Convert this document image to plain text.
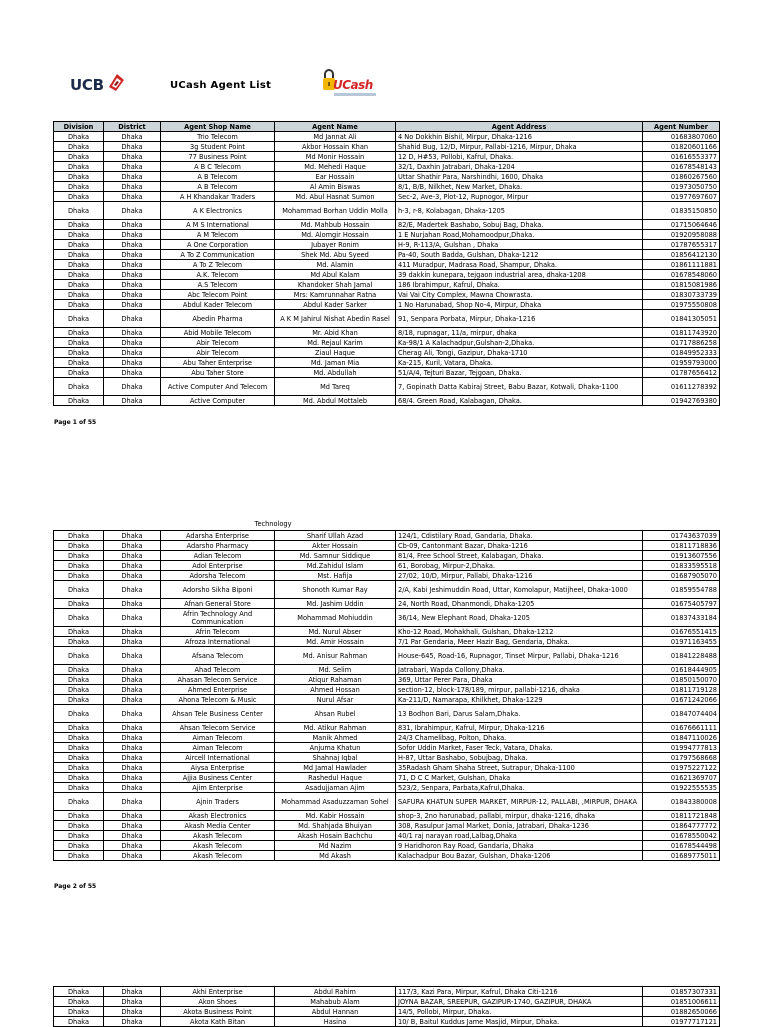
UCB	UCash Agent List	UCash
Division	District	Agent Shop Name	Agent Name	Agent Address	Agent Number
Dhaka	Dhaka	Trio Telecom	Md Jannat Ali	4 No Dokkhin Bishil, Mirpur, Dhaka-1216	01683807060
Dhaka	Dhaka	3g Student Point	Akbor Hossain Khan	Shahid Bug, 12/D, Mirpur, Pallabi-1216, Mirpur, Dhaka	01820601166
Dhaka	Dhaka	77 Business Point	Md Monir Hossain	12 D, H#53, Pollobi, Kafrul, Dhaka.	01616553377
Dhaka	Dhaka	A B C Telecom	Md. Mehedi Haque	32/1, Daxhin Jatrabari, Dhaka-1204	01678548143
Dhaka	Dhaka	A B Telecom	Ear Hossain	Uttar Shathir Para, Narshindhi, 1600, Dhaka	01860267560
Dhaka	Dhaka	A B Telecom	Al Amin Biswas	8/1, B/B, Nilkhet, New Market, Dhaka.	01973050750
Dhaka	Dhaka	A H Khandakar Traders	Md. Abul Hasnat Sumon	Sec-2, Ave-3, Plot-12, Rupnogor, Mirpur	01977697607
Dhaka	Dhaka	A K Electronics	Mohammad Borhan Uddin Molla	h-3, r-8, Kolabagan, Dhaka-1205	01835150850
Dhaka	Dhaka	A M S International	Md. Mahbub Hossain	82/E, Madertek Bashabo, Sobuj Bag, Dhaka.	01715064646
Dhaka	Dhaka	A M Telecom	Md. Alomgir Hossain	1 E Nurjahan Road,Mohamoodpur,Dhaka.	01920958088
Dhaka	Dhaka	A One Corporation	Jubayer Ronim	H-9, R-113/A, Gulshan , Dhaka	01787655317
Dhaka	Dhaka	A To Z Communication	Shek Md. Abu Syeed	Pa-40, South Badda, Gulshan, Dhaka-1212	01856412130
Dhaka	Dhaka	A To Z Telecom	Md. Alamin	411 Muradpur, Madrasa Road, Shampur, Dhaka.	01861111881
Dhaka	Dhaka	A.K. Telecom	Md Abul Kalam	39 dakkin kunepara, tejgaon industrial area, dhaka-1208	01678548060
Dhaka	Dhaka	A.S Telecom	Khandoker Shah Jamal	186 Ibrahimpur, Kafrul, Dhaka.	01815081986
Dhaka	Dhaka	Abc Telecom Point	Mrs: Kamrunnahar Ratna	Vai Vai City Complex, Mawna Chowrasta.	01830733739
Dhaka	Dhaka	Abdul Kader Telecom	Abdul Kader Sarker	1 No Harunabad, Shop No-4, Mirpur, Dhaka	01975550808
Dhaka	Dhaka	Abedin Pharma	A K M Jahirul Nishat Abedin Rasel	91, Senpara Porbata, Mirpur, Dhaka-1216	01841305051
Dhaka	Dhaka	Abid Mobile Telecom	Mr. Abid Khan	8/18, rupnagar, 11/a, mirpur, dhaka	01811743920
Dhaka	Dhaka	Abir Telecom	Md. Rejaul Karim	Ka-98/1 A Kalachadpur,Gulshan-2,Dhaka.	01717886258
Dhaka	Dhaka	Abir Telecom	Ziaul Haque	Cherag Ali, Tongi, Gazipur, Dhaka-1710	01849952333
Dhaka	Dhaka	Abu Taher Enterprise	Md. Jaman Mia	Ka-215, Kuril, Vatara, Dhaka.	01959793000
Dhaka	Dhaka	Abu Taher Store	Md. Abdullah	51/A/4, Tejturi Bazar, Tejgoan, Dhaka.	01787656412
Dhaka	Dhaka	Active Computer And Telecom	Md Tareq	7, Gopinath Datta Kabiraj Street, Babu Bazar, Kotwali, Dhaka-1100	01611278392
Dhaka	Dhaka	Active Computer	Md. Abdul Mottaleb	68/4. Green Road, Kalabagan, Dhaka.	01942769380
Page 1 of 55
Technology
Dhaka	Dhaka	Adarsha Enterprise	Sharif Ullah Azad	124/1, Cdistilary Road, Gandaria, Dhaka.	01743637039
Dhaka	Dhaka	Adarsho Pharmacy	Akter Hossain	Cb-09, Cantonmant Bazar, Dhaka-1216	01811718836
Dhaka	Dhaka	Adian Telecom	Md. Samnur Siddique	81/4, Free School Street, Kalabagan, Dhaka.	01913607556
Dhaka	Dhaka	Adol Enterprise	Md.Zahidul Islam	61, Borobag, Mirpur-2,Dhaka.	01833595518
Dhaka	Dhaka	Adorsha Telecom	Mst. Hafija	27/02, 10/D, Mirpur, Pallabi, Dhaka-1216	01687905070
Dhaka	Dhaka	Adorsho Sikha Biponi	Shonoth Kumar Ray	2/A, Kabi Jeshimuddin Road, Uttar, Komolapur, Matijheel, Dhaka-1000	01859554788
Dhaka	Dhaka	Afnan General Store	Md. Jashim Uddin	24, North Road, Dhanmondi, Dhaka-1205	01675405797
Dhaka	Dhaka	Afrin Technology And Communication	Mohammad Mohiuddin	36/14, New Elephant Road, Dhaka-1205	01837433184
Dhaka	Dhaka	Afrin Telecom	Md. Nurul Abser	Kho-12 Road, Mohakhali, Gulshan, Dhaka-1212	01676551415
Dhaka	Dhaka	Afroza International	Md. Amir Hossain	7/1 Par Gendaria, Meer Hazir Bag, Gendaria, Dhaka.	01971163455
Dhaka	Dhaka	Afsana Telecom	Md. Anisur Rahman	House-645, Road-16, Rupnagor, Tinset Mirpur, Pallabi, Dhaka-1216	01841228488
Dhaka	Dhaka	Ahad Telecom	Md. Selim	Jatrabari, Wapda Collony,Dhaka.	01618444905
Dhaka	Dhaka	Ahasan Telecom Service	Atiqur Rahaman	369, Uttar Perer Para, Dhaka	01850150070
Dhaka	Dhaka	Ahmed Enterprise	Ahmed Hossan	section-12, block-178/189, mirpur, pallabi-1216, dhaka	01811719128
Dhaka	Dhaka	Ahona Telecom & Music	Nurul Afsar	Ka-211/D, Namarapa, Khilkhet, Dhaka-1229	01671242066
Dhaka	Dhaka	Ahsan Tele Business Center	Ahsan Rubel	13 Bodhon Bari, Darus Salam,Dhaka.	01847074404
Dhaka	Dhaka	Ahsan Telecom Service	Md. Atikur Rahman	831, Ibrahimpur, Kafrul, Mirpur, Dhaka-1216	01676661111
Dhaka	Dhaka	Aiman Telecom	Manik Ahmed	24/3 Chamelibag, Polton, Dhaka.	01847110026
Dhaka	Dhaka	Aiman Telecom	Anjuma Khatun	Sofor Uddin Market, Faser Teck, Vatara, Dhaka.	01994777813
Dhaka	Dhaka	Aircell International	Shahnaj Iqbal	H-87, Uttar Bashabo, Sobujbag, Dhaka.	01797568668
Dhaka	Dhaka	Aiysa Enterprise	Md Jamal Hawlader	35Radash Gham Shaha Street, Sutrapur, Dhaka-1100	01975227122
Dhaka	Dhaka	Ajjia Business Center	Rashedul Haque	71, D C C Market, Gulshan, Dhaka	01621369707
Dhaka	Dhaka	Ajim Enterprise	Asadujjaman Ajim	523/2, Senpara, Parbata,Kafrul,Dhaka.	01922555535
Dhaka	Dhaka	Ajnin Traders	Mohammad Asaduzzaman Sohel	SAFURA KHATUN SUPER MARKET, MIRPUR-12, PALLABI, ,MIRPUR, DHAKA	01843380008
Dhaka	Dhaka	Akash Electronics	Md. Kabir Hossain	shop-3, 2no harunabad, pallabi, mirpur, dhaka-1216, dhaka	01811721848
Dhaka	Dhaka	Akash Media Center	Md. Shahjada Bhuiyan	308, Rasulpur Jamal Market, Donia, Jatrabari, Dhaka-1236	01864777772
Dhaka	Dhaka	Akash Telecom	Akash Hosain Bachchu	40/1 raj narayan road,Lalbag,Dhaka	01678550042
Dhaka	Dhaka	Akash Telecom	Md Nazim	9 Haridhoron Ray Road, Gandaria, Dhaka	01678544498
Dhaka	Dhaka	Akash Telecom	Md Akash	Kalachadpur Bou Bazar, Gulshan, Dhaka-1206	01689775011
Page 2 of 55
Dhaka	Dhaka	Akhi Enterprise	Abdul Rahim	117/3, Kazi Para, Mirpur, Kafrul, Dhaka Citi-1216	01857307331
Dhaka	Dhaka	Akon Shoes	Mahabub Alam	JOYNA BAZAR, SREEPUR, GAZIPUR-1740, GAZIPUR, DHAKA	01851006611
Dhaka	Dhaka	Akota Business Point	Abdul Hannan	14/5, Pollobi, Mirpur, Dhaka.	01882650066
Dhaka	Dhaka	Akota Kath Bitan	Hasina	10/ B, Baitul Kuddus Jame Masjid, Mirpur, Dhaka.	01977717121
